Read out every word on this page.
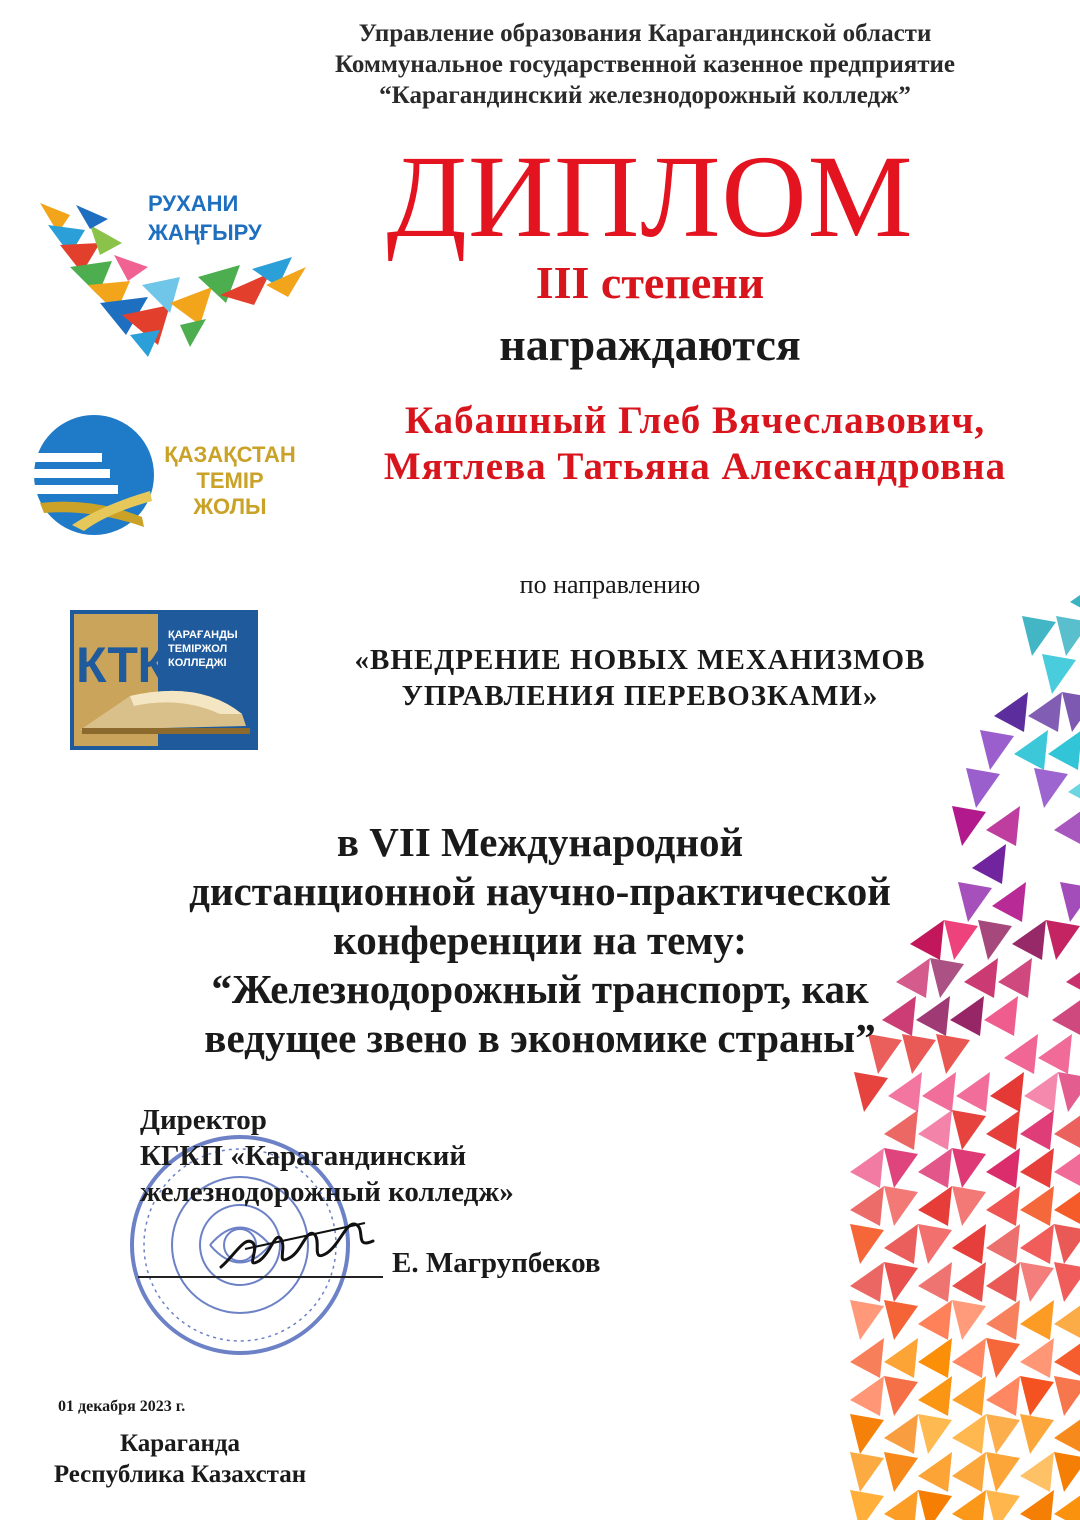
Управление образования Карагандинской области
Коммунальное государственной казенное предприятие
“Карагандинский железнодорожный колледж”
РУХАНИ
ЖАҢҒЫРУ
ҚАЗАҚСТАН
ТЕМІР
ЖОЛЫ
КТК
ҚАРАҒАНДЫ
ТЕМІРЖОЛ
КОЛЛЕДЖІ
ДИПЛОМ
III степени
награждаются
Кабашный Глеб Вячеславович,
Мятлева Татьяна Александровна
по направлению
«ВНЕДРЕНИЕ НОВЫХ МЕХАНИЗМОВ
УПРАВЛЕНИЯ ПЕРЕВОЗКАМИ»
в VII Международной
дистанционной научно-практической
конференции на тему:
“Железнодорожный транспорт, как
ведущее звено в экономике страны”
Директор
КГКП «Карагандинский
железнодорожный колледж»
Е. Магрупбеков
01 декабря 2023 г.
Караганда
Республика Казахстан
